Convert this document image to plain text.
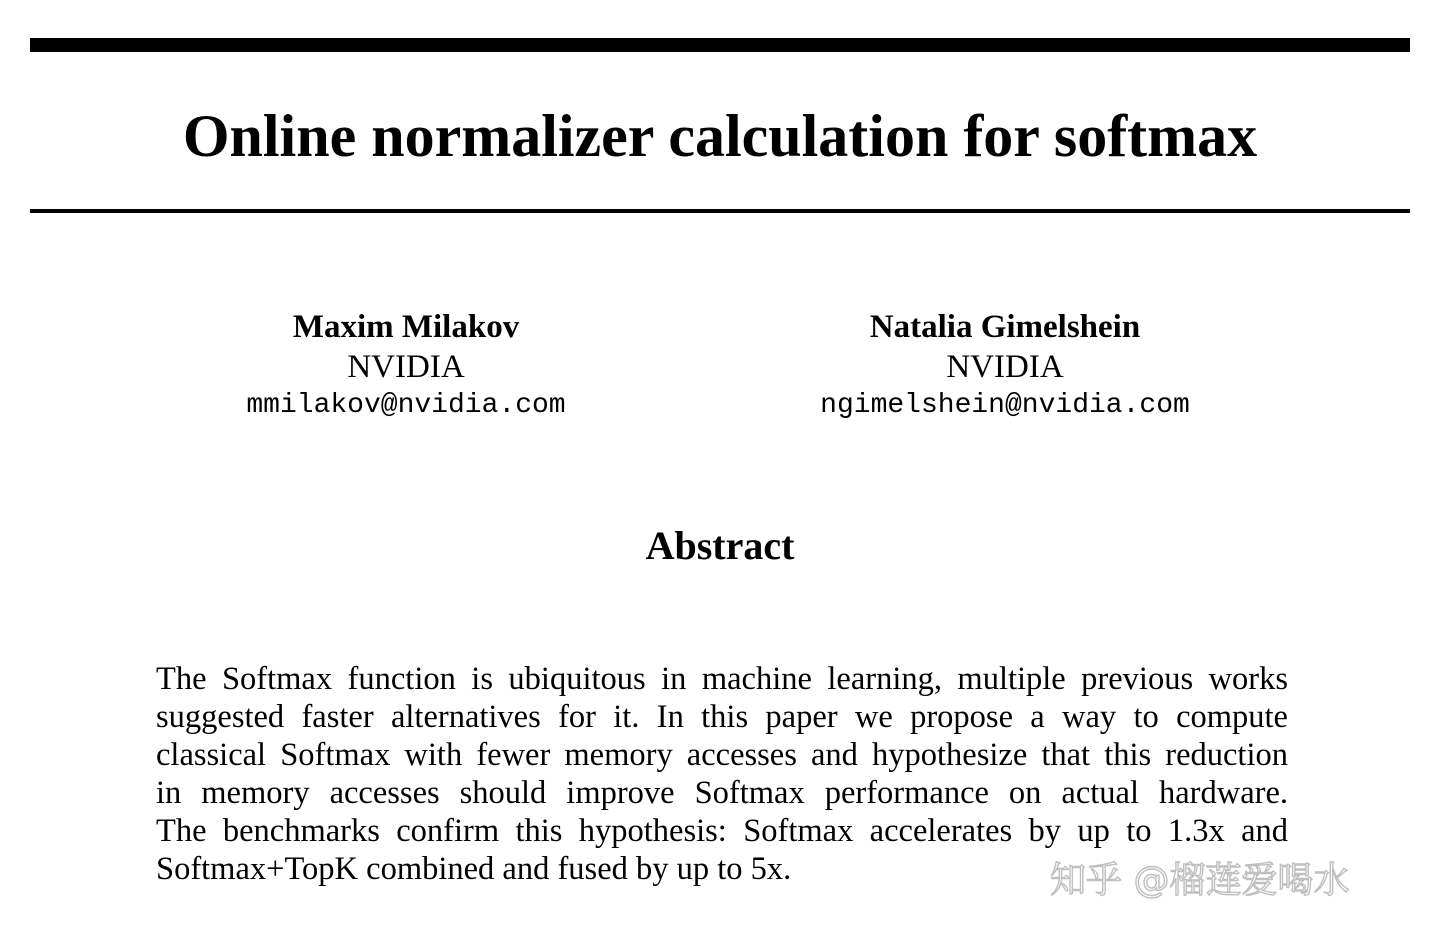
Online normalizer calculation for softmax
Maxim Milakov
NVIDIA
mmilakov@nvidia.com
Natalia Gimelshein
NVIDIA
ngimelshein@nvidia.com
Abstract
The Softmax function is ubiquitous in machine learning, multiple previous works
suggested faster alternatives for it. In this paper we propose a way to compute
classical Softmax with fewer memory accesses and hypothesize that this reduction
in memory accesses should improve Softmax performance on actual hardware.
The benchmarks confirm this hypothesis: Softmax accelerates by up to 1.3x and
Softmax+TopK combined and fused by up to 5x.	知乎 @榴莲爱喝水
